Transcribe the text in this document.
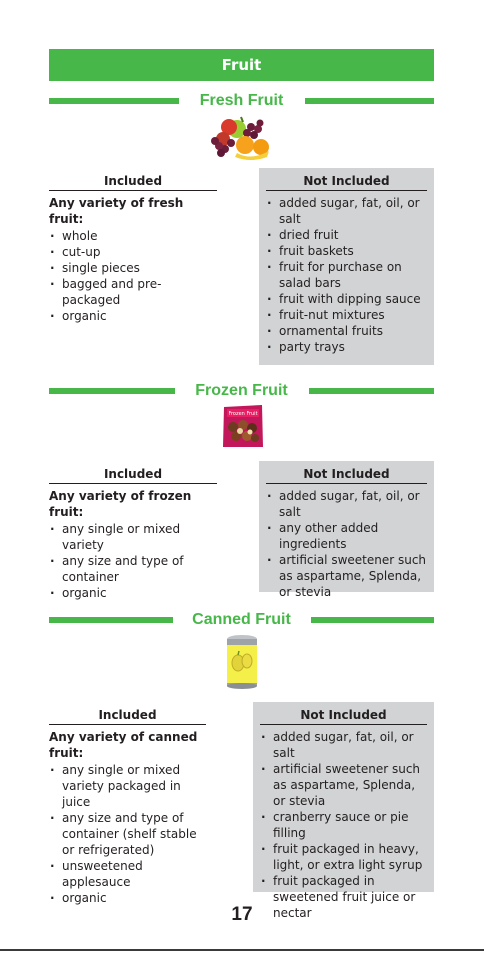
Fruit
Fresh Fruit
Included
Any variety of fresh fruit:
· whole
· cut-up
· single pieces
· bagged and pre-packaged
· organic
Not Included
· added sugar, fat, oil, or salt
· dried fruit
· fruit baskets
· fruit for purchase on salad bars
· fruit with dipping sauce
· fruit-nut mixtures
· ornamental fruits
· party trays
Frozen Fruit
Frozen Fruit
Included
Any variety of frozen fruit:
· any single or mixed variety
· any size and type of container
· organic
Not Included
· added sugar, fat, oil, or salt
· any other added ingredients
· artificial sweetener such as aspartame, Splenda, or stevia
Canned Fruit
Included
Any variety of canned fruit:
· any single or mixed variety packaged in juice
· any size and type of container (shelf stable or refrigerated)
· unsweetened applesauce
· organic
Not Included
· added sugar, fat, oil, or salt
· artificial sweetener such as aspartame, Splenda, or stevia
· cranberry sauce or pie filling
· fruit packaged in heavy, light, or extra light syrup
· fruit packaged in sweetened fruit juice or nectar
17
